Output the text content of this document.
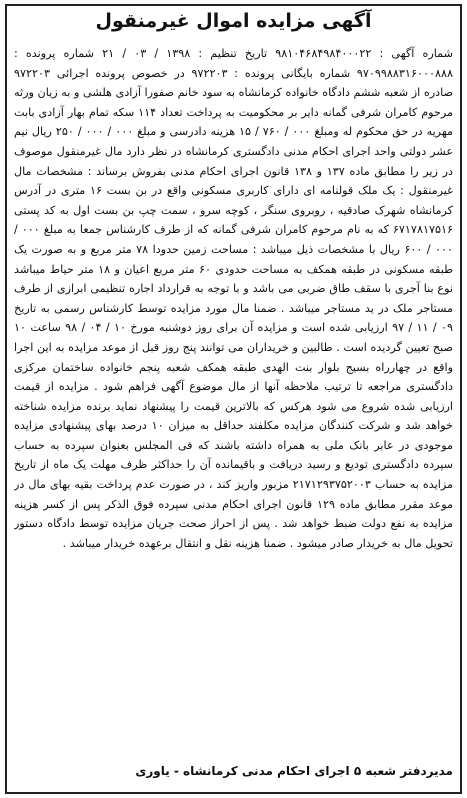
آگهی مزایده اموال غیرمنقول
شماره آگهی : ۹۸۱۰۴۶۸۴۹۸۴۰۰۰۲۲ تاریخ تنظیم : ۱۳۹۸ / ۰۳ / ۲۱ شماره پرونده : ۹۷۰۹۹۸۸۳۱۶۰۰۰۸۸۸ شماره بایگانی پرونده : ۹۷۲۲۰۳ در خصوص پرونده اجرائی ۹۷۲۲۰۳ صادره از شعبه ششم دادگاه خانواده کرمانشاه به سود خانم صفورا آزادی هلشی و به زیان ورثه مرحوم کامران شرفی گمانه دایر بر محکومیت به پرداخت تعداد ۱۱۴ سکه تمام بهار آزادی بابت مهریه در حق محکوم له ومبلغ ۰۰۰ / ۷۶۰ / ۱۵ هزینه دادرسی و مبلغ ۰۰۰ / ۰۰۰ / ۲۵۰ ریال نیم عشر دولتی واحد اجرای احکام مدنی دادگستری کرمانشاه در نظر دارد مال غیرمنقول موصوف در زیر را مطابق ماده ۱۳۷ و ۱۳۸ قانون اجرای احکام مدنی بفروش برساند : مشخصات مال غیرمنقول : یک ملک قولنامه ای دارای کاربری مسکونی واقع در بن بست ۱۶ متری در آدرس کرمانشاه شهرک صادقیه ، روبروی سنگر ، کوچه سرو ، سمت چپ بن بست اول به کد پستی ۶۷۱۷۸۱۷۵۱۶ که به نام مرحوم کامران شرفی گمانه که از طرف کارشناس جمعا به مبلغ ۰۰۰ / ۰۰۰ / ۶۰۰ ریال با مشخصات ذیل میباشد : مساحت زمین حدودا ۷۸ متر مربع و به صورت یک طبقه مسکونی در طبقه همکف به مساحت حدودی ۶۰ متر مربع اعیان و ۱۸ متر حیاط میباشد نوع بنا آجری با سقف طاق ضربی می باشد و با توجه به قرارداد اجاره تنظیمی ابرازی از طرف مستاجر ملک در ید مستاجر میباشد . ضمنا مال مورد مزایده توسط کارشناس رسمی به تاریخ ۰۹ / ۱۱ / ۹۷ ارزیابی شده است و مزایده آن برای روز دوشنبه مورخ ۱۰ / ۰۴ / ۹۸ ساعت ۱۰ صبح تعیین گردیده است . طالبین و خریداران می توانند پنج روز قبل از موعد مزایده به این اجرا واقع در چهارراه بسیج بلوار بنت الهدی طبقه همکف شعبه پنجم خانواده ساختمان مرکزی دادگستری مراجعه تا ترتیب ملاحظه آنها از مال موضوع آگهی فراهم شود . مزایده از قیمت ارزیابی شده شروع می شود هرکس که بالاترین قیمت را پیشنهاد نماید برنده مزایده شناخته خواهد شد و شرکت کنندگان مزایده مکلفند حداقل به میزان ۱۰ درصد بهای پیشنهادی مزایده موجودی در عابر بانک ملی به همراه داشته باشند که فی المجلس بعنوان سپرده به حساب سپرده دادگستری تودیع و رسید دریافت و باقیمانده آن را حداکثر ظرف مهلت یک ماه از تاریخ مزایده به حساب ۲۱۷۱۲۹۳۷۵۲۰۰۳ مزبور واریز کند ، در صورت عدم پرداخت بقیه بهای مال در موعد مقرر مطابق ماده ۱۲۹ قانون اجرای احکام مدنی سپرده فوق الذکر پس از کسر هزینه مزایده به نفع دولت ضبط خواهد شد . پس از احراز صحت جریان مزایده توسط دادگاه دستور تحویل مال به خریدار صادر میشود . ضمنا هزینه نقل و انتقال برعهده خریدار میباشد .
مدیردفتر شعبه ۵ اجرای احکام مدنی کرمانشاه - یاوری
